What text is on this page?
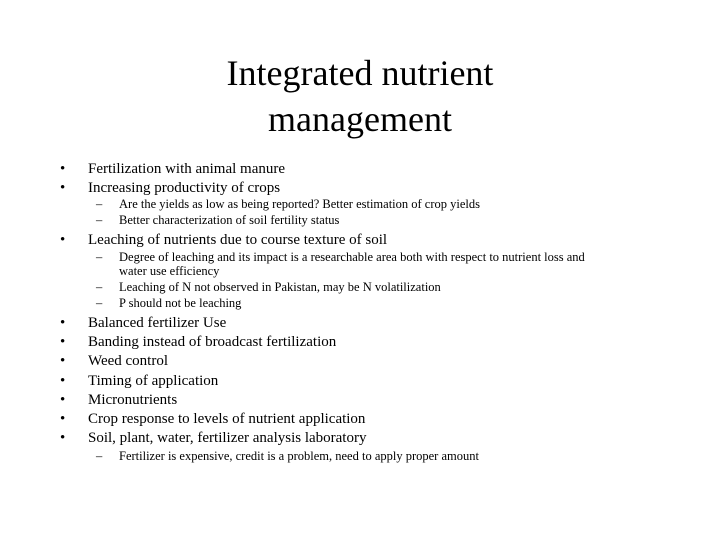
Integrated nutrient
management
• Fertilization with animal manure
• Increasing productivity of crops
– Are the yields as low as being reported? Better estimation of crop yields
– Better characterization of soil fertility status
• Leaching of nutrients due to course texture of soil
– Degree of leaching and its impact is a researchable area both with respect to nutrient loss and
water use efficiency
– Leaching of N not observed in Pakistan, may be N volatilization
– P should not be leaching
• Balanced fertilizer Use
• Banding instead of broadcast fertilization
• Weed control
• Timing of application
• Micronutrients
• Crop response to levels of nutrient application
• Soil, plant, water, fertilizer analysis laboratory
– Fertilizer is expensive, credit is a problem, need to apply proper amount
